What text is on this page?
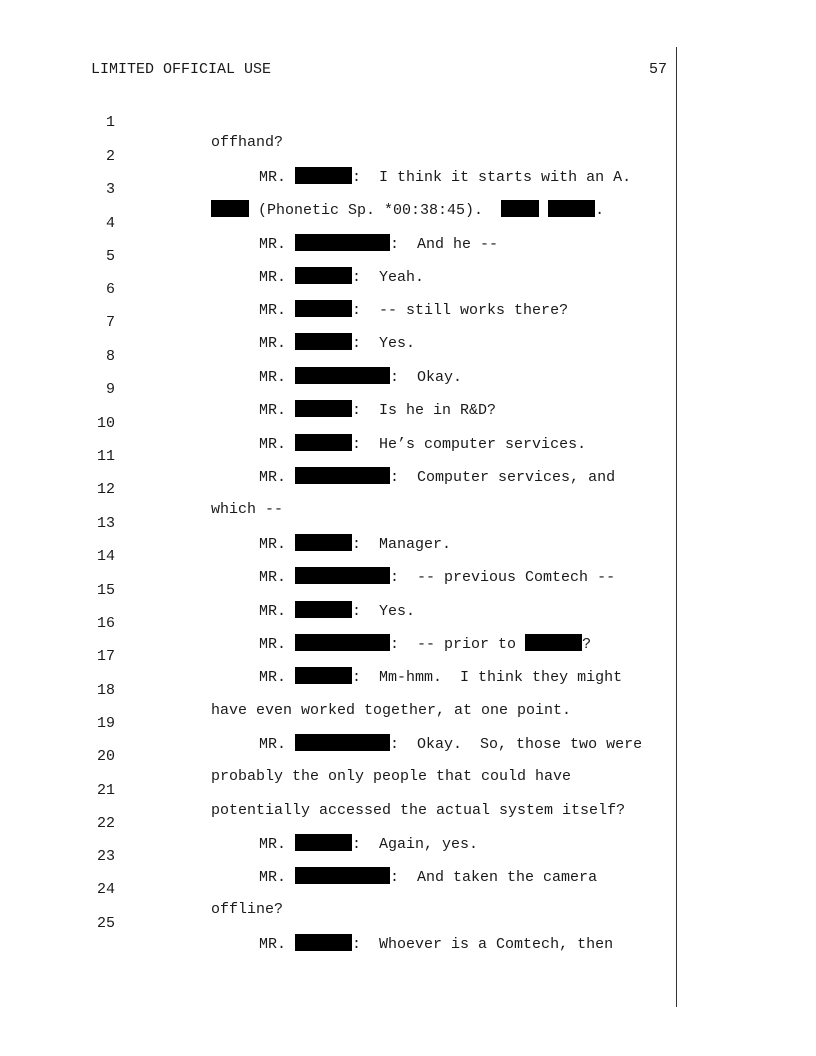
LIMITED OFFICIAL USE	57

1

offhand?

2

MR.	:  I think it starts with an A.

3

(Phonetic Sp. *00:38:45).	.

4

MR.	:  And he --

5

MR.	:  Yeah.

6

MR.	:  -- still works there?

7

MR.	:  Yes.

8

MR.	:  Okay.

9

MR.	:  Is he in R&D?

10

MR.	:  He’s computer services.

11

MR.	:  Computer services, and

12

which --

13

MR.	:  Manager.

14

MR.	:  -- previous Comtech --

15

MR.	:  Yes.

16

MR.	:  -- prior to	?

17

MR.	:  Mm-hmm.  I think they might

18

have even worked together, at one point.

19

MR.	:  Okay.  So, those two were

20

probably the only people that could have

21

potentially accessed the actual system itself?

22

MR.	:  Again, yes.

23

MR.	:  And taken the camera

24

offline?

25

MR.	:  Whoever is a Comtech, then
